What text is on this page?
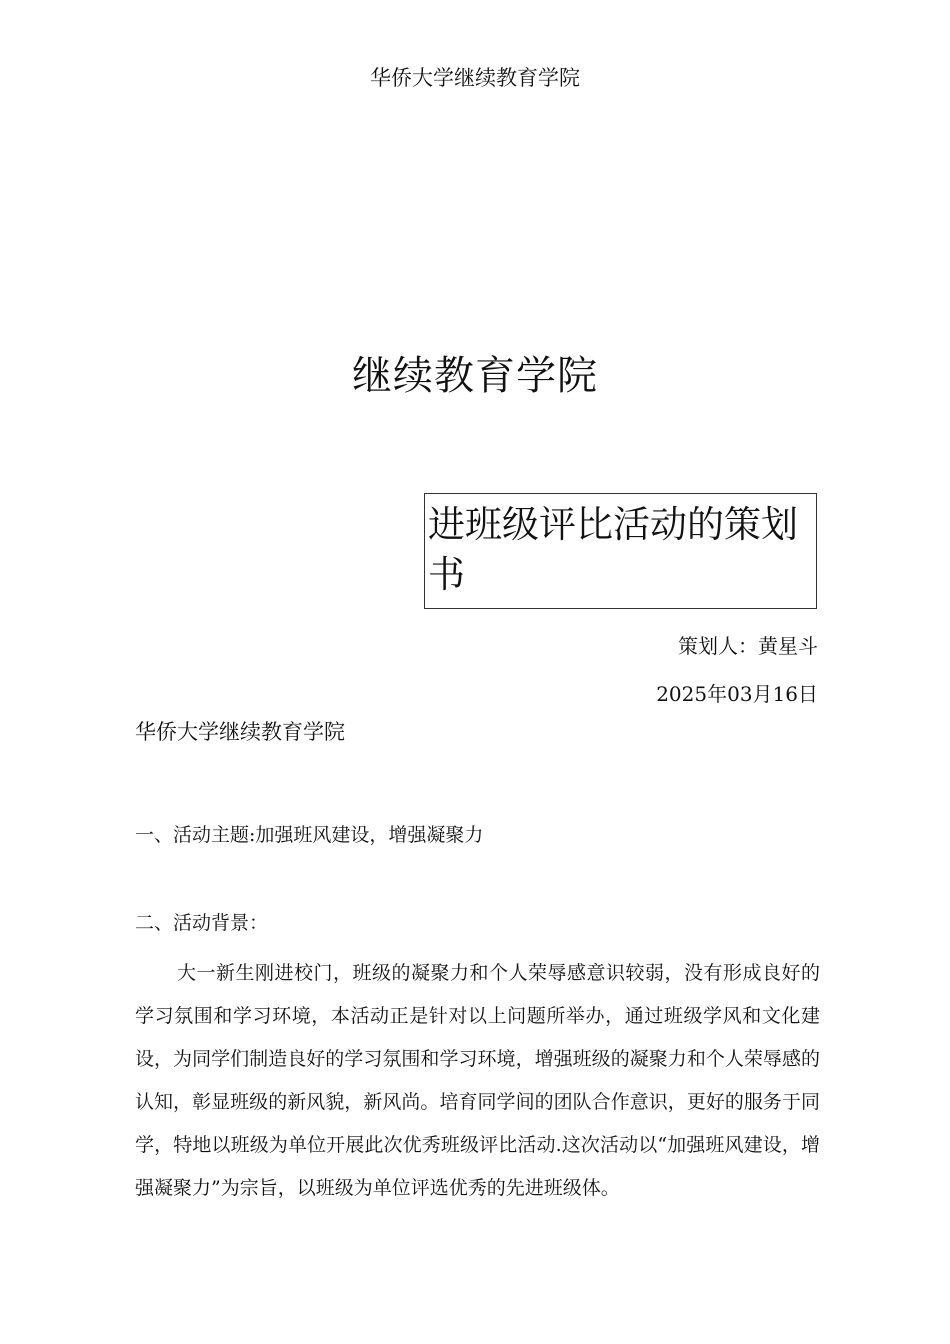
华侨大学继续教育学院

继续教育学院
进班级评比活动的策划书

策划人：黄星斗

2025年03月16日

华侨大学继续教育学院

一、活动主题:加强班风建设，增强凝聚力

二、活动背景：

大一新生刚进校门，班级的凝聚力和个人荣辱感意识较弱，没有形成良好的学习氛围和学习环境，本活动正是针对以上问题所举办，通过班级学风和文化建设，为同学们制造良好的学习氛围和学习环境，增强班级的凝聚力和个人荣辱感的认知，彰显班级的新风貌，新风尚。培育同学间的团队合作意识，更好的服务于同学，特地以班级为单位开展此次优秀班级评比活动.这次活动以“加强班风建设，增强凝聚力”为宗旨，以班级为单位评选优秀的先进班级体。
